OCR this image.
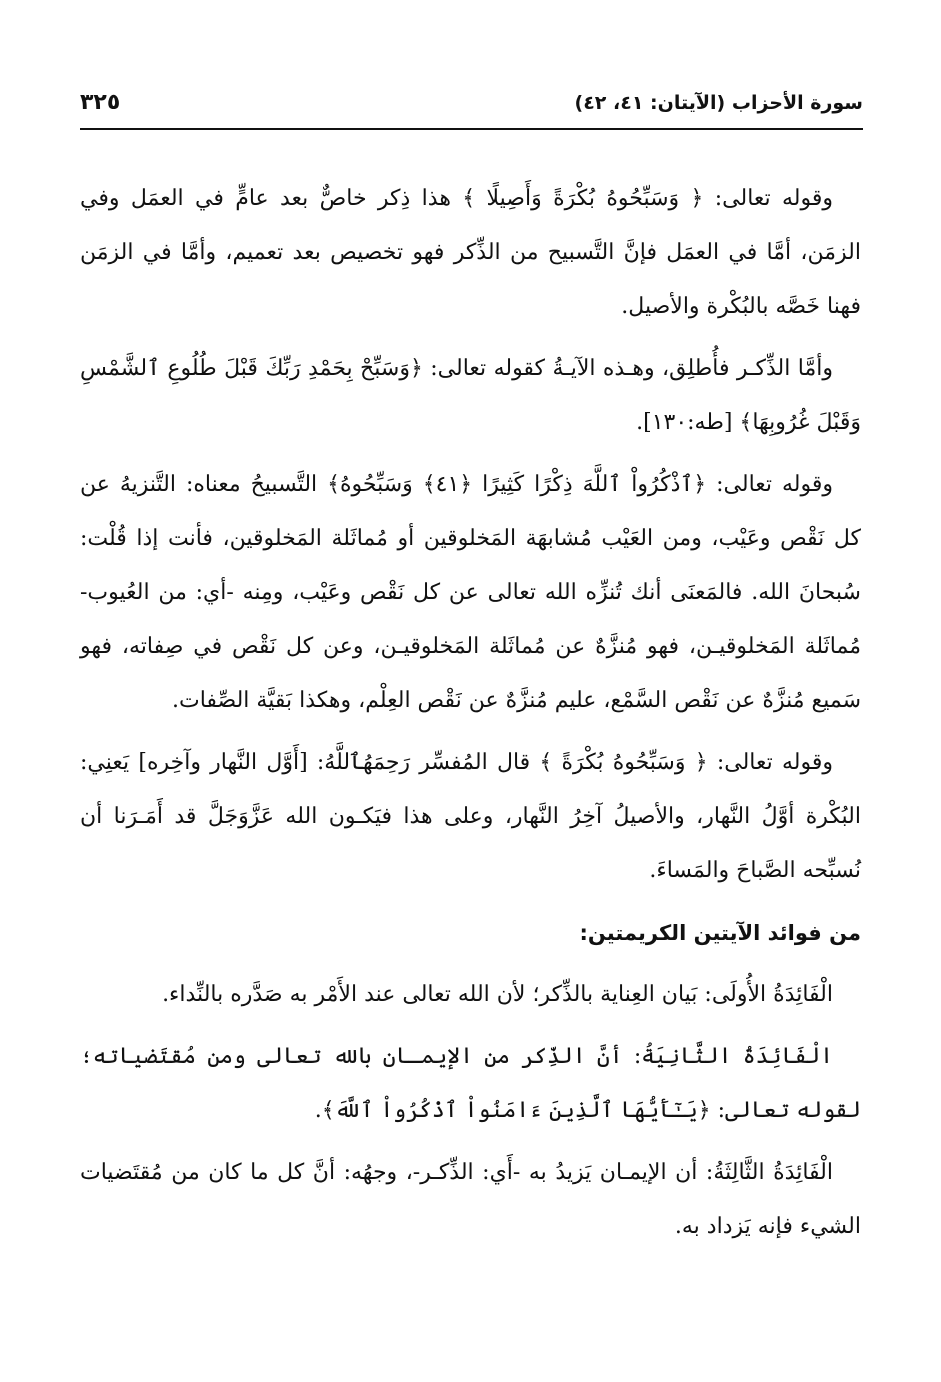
سورة الأحزاب (الآيتان: ٤١، ٤٢)
٣٢٥

وقوله تعالى: ﴿ وَسَبِّحُوهُ بُكْرَةً وَأَصِيلًا ﴾ هذا ذِكر خاصٌّ بعد عامٍّ في العمَل وفي الزمَن، أمَّا في العمَل فإنَّ التَّسبيح من الذِّكر فهو تخصيص بعد تعميم، وأمَّا في الزمَن فهنا خَصَّه بالبُكْرة والأصيل.

وأمَّا الذِّكـر فأُطلِق، وهـذه الآيـةُ كقوله تعالى: ﴿وَسَبِّحْ بِحَمْدِ رَبِّكَ قَبْلَ طُلُوعِ ٱلشَّمْسِ وَقَبْلَ غُرُوبِهَا﴾ [طه:١٣٠].

وقوله تعالى: ﴿ٱذْكُرُواْ ٱللَّهَ ذِكْرًا كَثِيرًا ﴿٤١﴾ وَسَبِّحُوهُ﴾ التَّسبيحُ معناه: التَّنزيهُ عن كل نَقْص وعَيْب، ومن العَيْب مُشابهَة المَخلوقين أو مُماثَلة المَخلوقين، فأنت إذا قُلْت: سُبحانَ الله. فالمَعنَى أنك تُنزِّه الله تعالى عن كل نَقْص وعَيْب، ومِنه -أي: من العُيوب- مُماثَلة المَخلوقيـن، فهو مُنزَّهٌ عن مُماثَلة المَخلوقيـن، وعن كل نَقْص في صِفاته، فهو سَميع مُنزَّهٌ عن نَقْص السَّمْع، عليم مُنزَّهٌ عن نَقْص العِلْم، وهكذا بَقيَّة الصِّفات.

وقوله تعالى: ﴿ وَسَبِّحُوهُ بُكْرَةً ﴾ قال المُفسِّر رَحِمَهُٱللَّهُ: [أَوَّل النَّهار وآخِره] يَعنِي: البُكْرة أوَّلُ النَّهار، والأصيلُ آخِرُ النَّهار، وعلى هذا فيَكـون الله عَزَّوَجَلَّ قد أَمَـرَنا أن نُسبِّحه الصَّباحَ والمَساءَ.

من فوائد الآيتين الكريمتين:

الْفَائِدَةُ الأُولَى: بَيان العِناية بالذِّكر؛ لأن الله تعالى عند الأَمْر به صَدَّره بالنِّداء.

الْفَائِدَةُ الثَّانِيَةُ: أنَّ الذِّكر من الإيمـان بالله تعالى ومن مُقتَضياته؛ لقوله تعالى: ﴿يَـٰٓأَيُّهَا ٱلَّذِينَ ءَامَنُواْ ٱذْكُرُواْ ٱللَّهَ﴾.

الْفَائِدَةُ الثَّالِثَةُ: أن الإيمـان يَزيدُ به -أَي: الذِّكـر-، وجهُه: أنَّ كل ما كان من مُقتَضيات الشيء فإنه يَزداد به.
